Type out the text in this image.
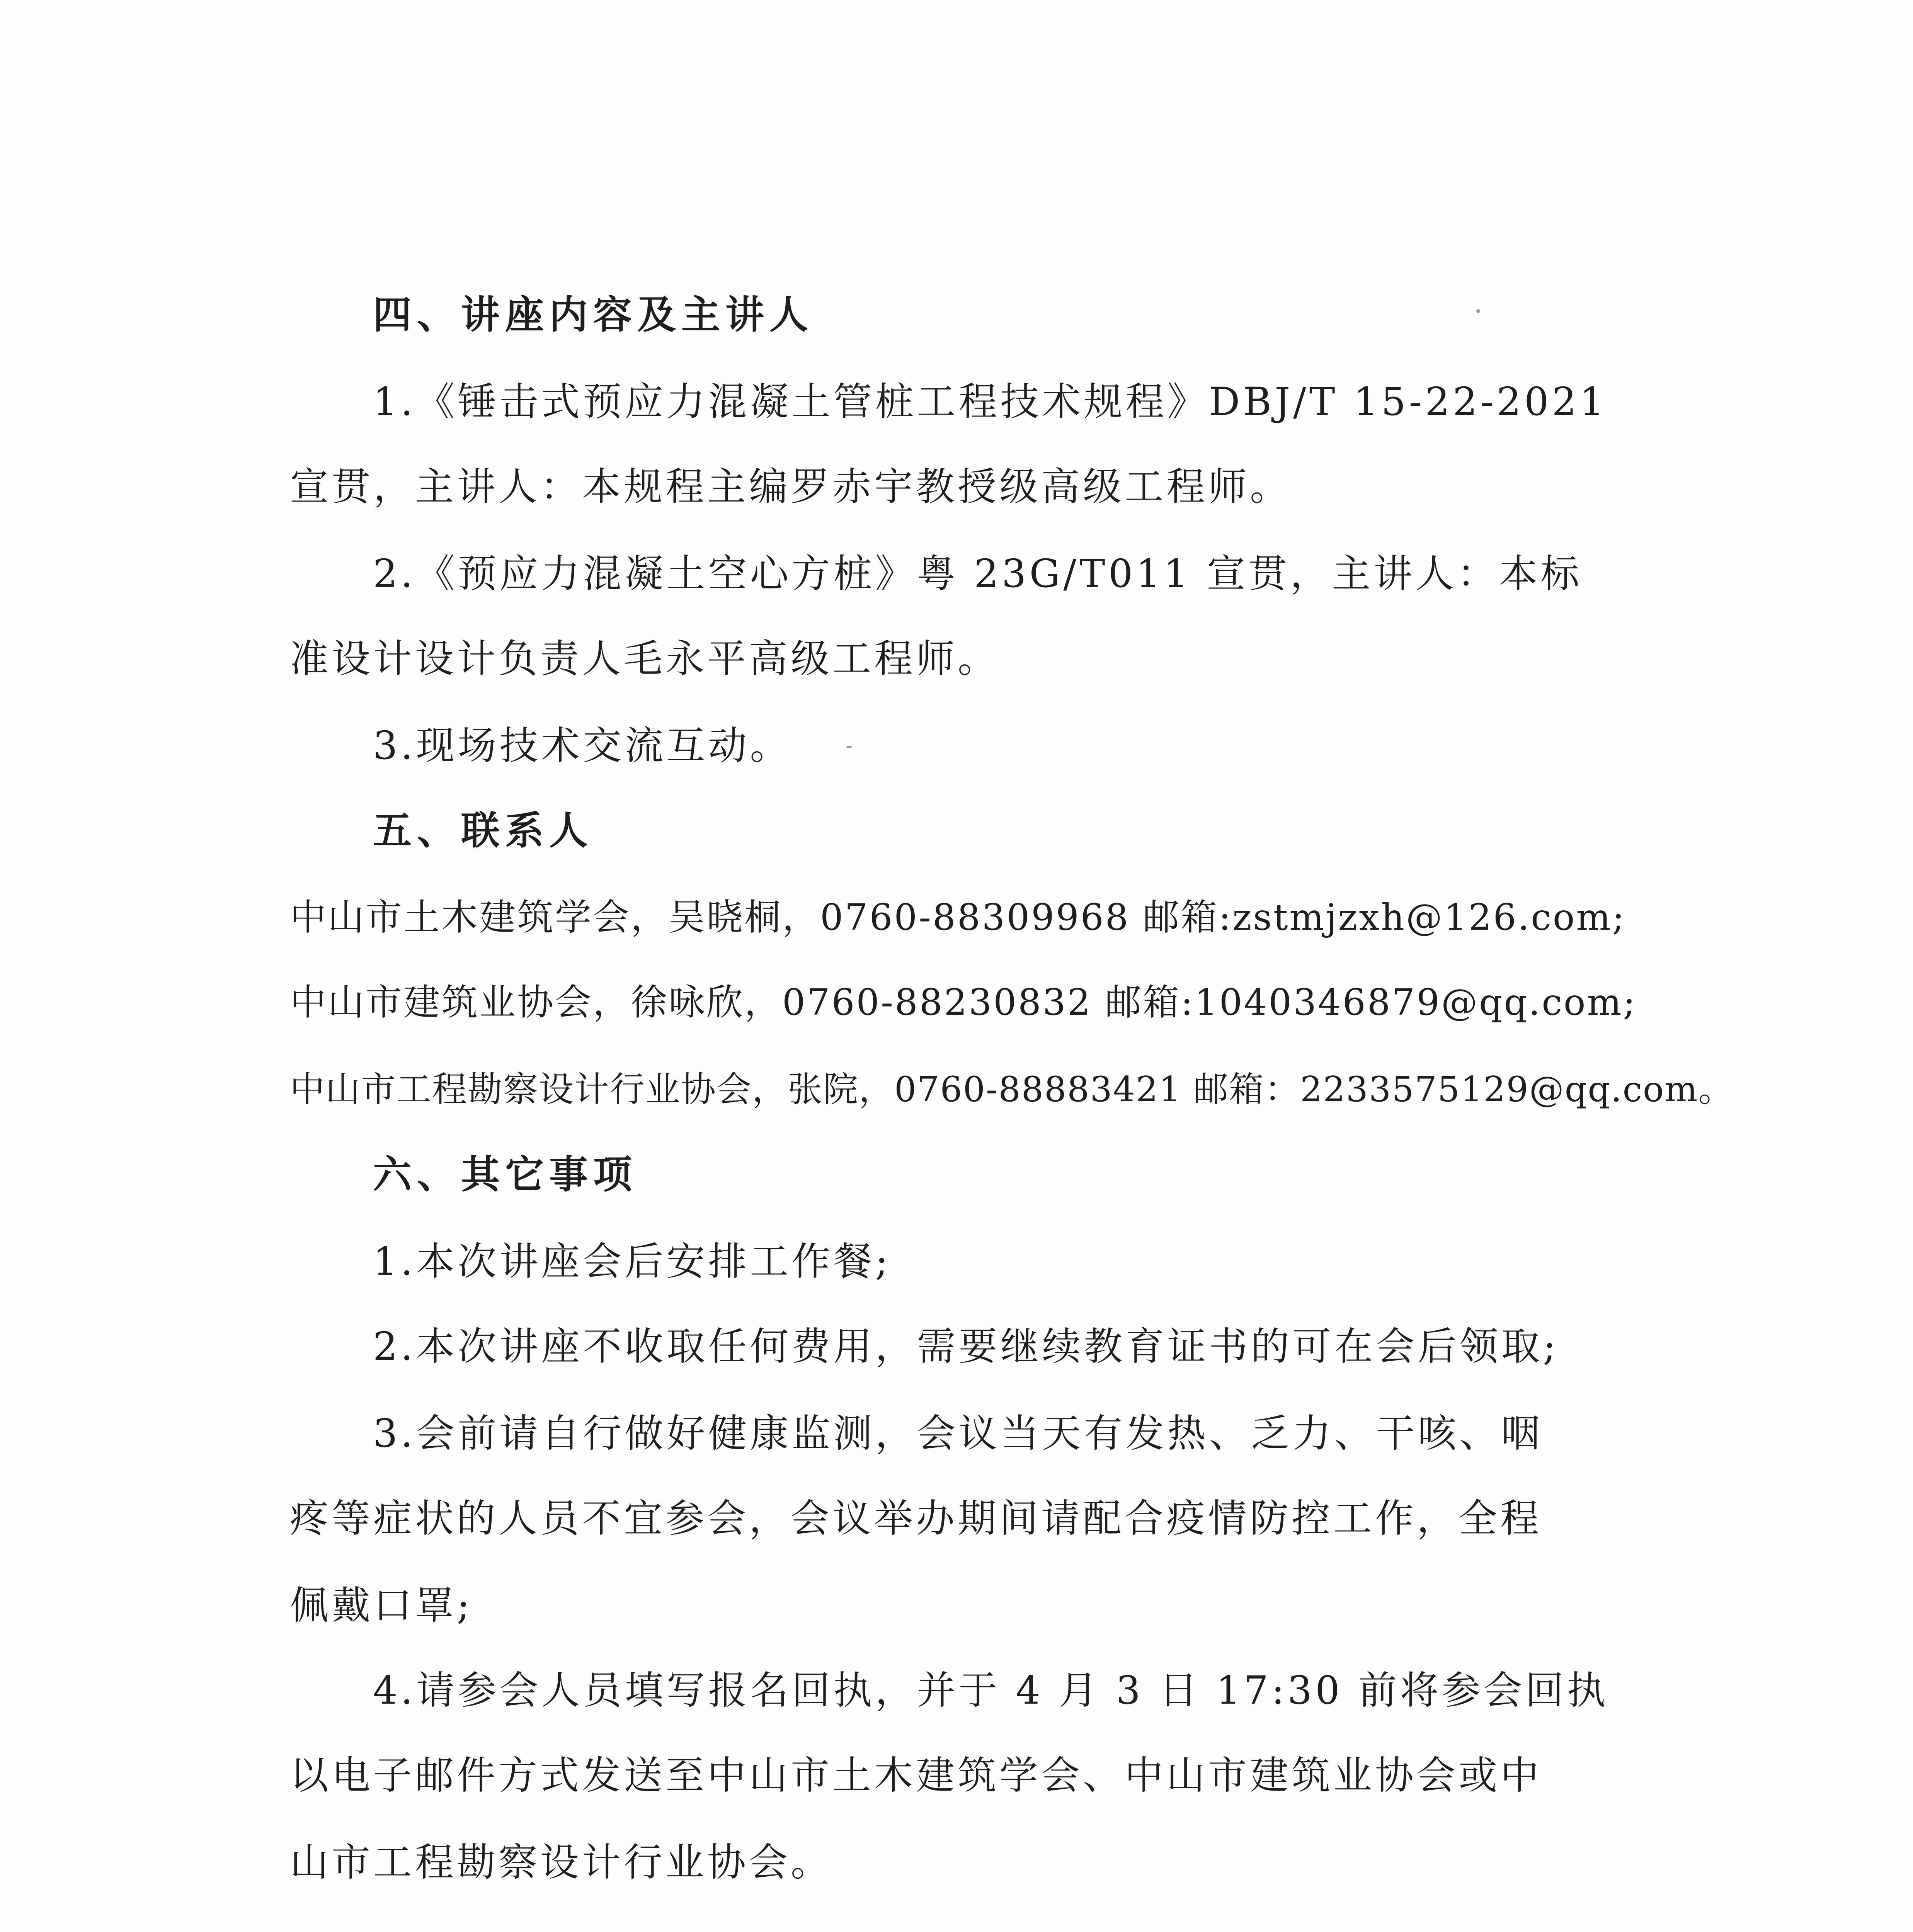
四、讲座内容及主讲人
1.《锤击式预应力混凝土管桩工程技术规程》DBJ/T 15-22-2021
宣贯，主讲人：本规程主编罗赤宇教授级高级工程师。
2.《预应力混凝土空心方桩》粤 23G/T011 宣贯，主讲人：本标
准设计设计负责人毛永平高级工程师。
3.现场技术交流互动。
五、联系人
中山市土木建筑学会，吴晓桐，0760-88309968 邮箱:zstmjzxh@126.com;
中山市建筑业协会，徐咏欣，0760-88230832 邮箱:1040346879@qq.com;
中山市工程勘察设计行业协会，张院，0760-88883421 邮箱：2233575129@qq.com。
六、其它事项
1.本次讲座会后安排工作餐;
2.本次讲座不收取任何费用，需要继续教育证书的可在会后领取;
3.会前请自行做好健康监测，会议当天有发热、乏力、干咳、咽
疼等症状的人员不宜参会，会议举办期间请配合疫情防控工作，全程
佩戴口罩;
4.请参会人员填写报名回执，并于 4 月 3 日 17:30 前将参会回执
以电子邮件方式发送至中山市土木建筑学会、中山市建筑业协会或中
山市工程勘察设计行业协会。
